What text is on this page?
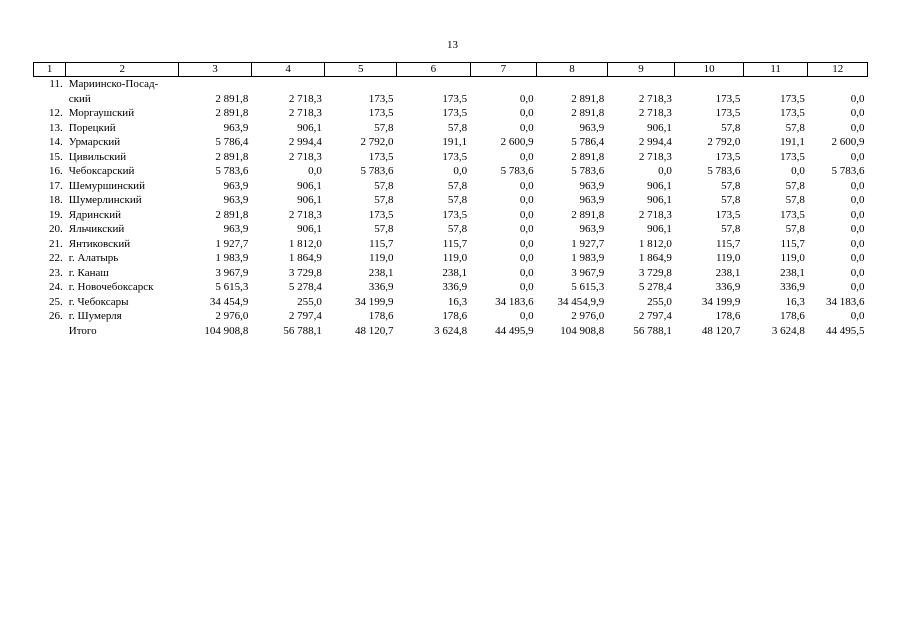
13
1	2	3	4	5	6	7	8	9	10	11	12
11.	Мариинско-Посад-										
	ский	2 891,8	2 718,3	173,5	173,5	0,0	2 891,8	2 718,3	173,5	173,5	0,0
12.	Моргаушский	2 891,8	2 718,3	173,5	173,5	0,0	2 891,8	2 718,3	173,5	173,5	0,0
13.	Порецкий	963,9	906,1	57,8	57,8	0,0	963,9	906,1	57,8	57,8	0,0
14.	Урмарский	5 786,4	2 994,4	2 792,0	191,1	2 600,9	5 786,4	2 994,4	2 792,0	191,1	2 600,9
15.	Цивильский	2 891,8	2 718,3	173,5	173,5	0,0	2 891,8	2 718,3	173,5	173,5	0,0
16.	Чебоксарский	5 783,6	0,0	5 783,6	0,0	5 783,6	5 783,6	0,0	5 783,6	0,0	5 783,6
17.	Шемуршинский	963,9	906,1	57,8	57,8	0,0	963,9	906,1	57,8	57,8	0,0
18.	Шумерлинский	963,9	906,1	57,8	57,8	0,0	963,9	906,1	57,8	57,8	0,0
19.	Ядринский	2 891,8	2 718,3	173,5	173,5	0,0	2 891,8	2 718,3	173,5	173,5	0,0
20.	Яльчикский	963,9	906,1	57,8	57,8	0,0	963,9	906,1	57,8	57,8	0,0
21.	Янтиковский	1 927,7	1 812,0	115,7	115,7	0,0	1 927,7	1 812,0	115,7	115,7	0,0
22.	г. Алатырь	1 983,9	1 864,9	119,0	119,0	0,0	1 983,9	1 864,9	119,0	119,0	0,0
23.	г. Канаш	3 967,9	3 729,8	238,1	238,1	0,0	3 967,9	3 729,8	238,1	238,1	0,0
24.	г. Новочебоксарск	5 615,3	5 278,4	336,9	336,9	0,0	5 615,3	5 278,4	336,9	336,9	0,0
25.	г. Чебоксары	34 454,9	255,0	34 199,9	16,3	34 183,6	34 454,9,9	255,0	34 199,9	16,3	34 183,6
26.	г. Шумерля	2 976,0	2 797,4	178,6	178,6	0,0	2 976,0	2 797,4	178,6	178,6	0,0
	Итого	104 908,8	56 788,1	48 120,7	3 624,8	44 495,9	104 908,8	56 788,1	48 120,7	3 624,8	44 495,5
